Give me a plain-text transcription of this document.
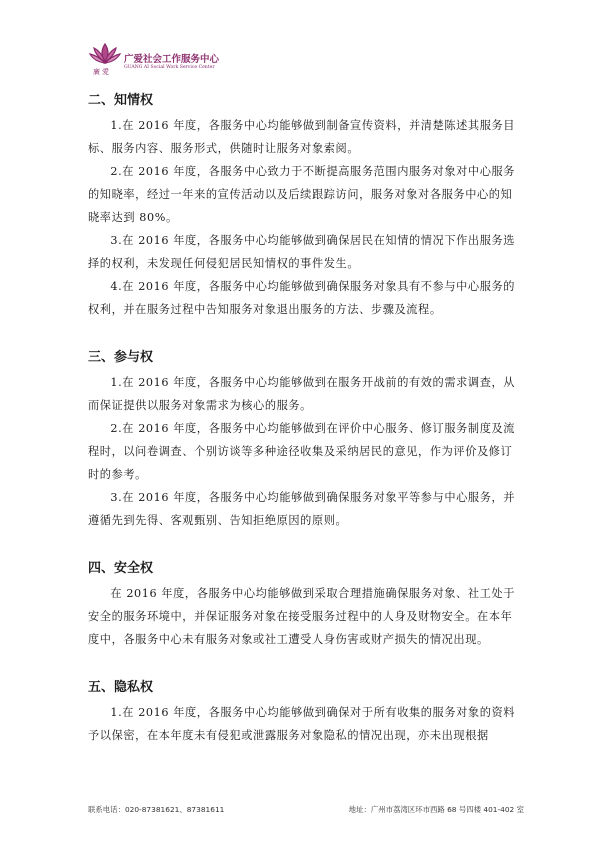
廣愛
广爱社会工作服务中心
GUANG AI Social Work Service Center

二、知情权

1.在 2016 年度，各服务中心均能够做到制备宣传资料，并清楚陈述其服务目标、服务内容、服务形式，供随时让服务对象索阅。

2.在 2016 年度，各服务中心致力于不断提高服务范围内服务对象对中心服务的知晓率，经过一年来的宣传活动以及后续跟踪访问，服务对象对各服务中心的知晓率达到 80%。

3.在 2016 年度，各服务中心均能够做到确保居民在知情的情况下作出服务选择的权利，未发现任何侵犯居民知情权的事件发生。

4.在 2016 年度，各服务中心均能够做到确保服务对象具有不参与中心服务的权利，并在服务过程中告知服务对象退出服务的方法、步骤及流程。

三、参与权

1.在 2016 年度，各服务中心均能够做到在服务开战前的有效的需求调查，从而保证提供以服务对象需求为核心的服务。

2.在 2016 年度，各服务中心均能够做到在评价中心服务、修订服务制度及流程时，以问卷调查、个别访谈等多种途径收集及采纳居民的意见，作为评价及修订时的参考。

3.在 2016 年度，各服务中心均能够做到确保服务对象平等参与中心服务，并遵循先到先得、客观甄别、告知拒绝原因的原则。

四、安全权

在 2016 年度，各服务中心均能够做到采取合理措施确保服务对象、社工处于安全的服务环境中，并保证服务对象在接受服务过程中的人身及财物安全。在本年度中，各服务中心未有服务对象或社工遭受人身伤害或财产损失的情况出现。

五、隐私权

1.在 2016 年度，各服务中心均能够做到确保对于所有收集的服务对象的资料予以保密，在本年度未有侵犯或泄露服务对象隐私的情况出现，亦未出现根据

联系电话：020-87381621、87381611	地址：广州市荔湾区环市西路 68 号四楼 401-402 室
